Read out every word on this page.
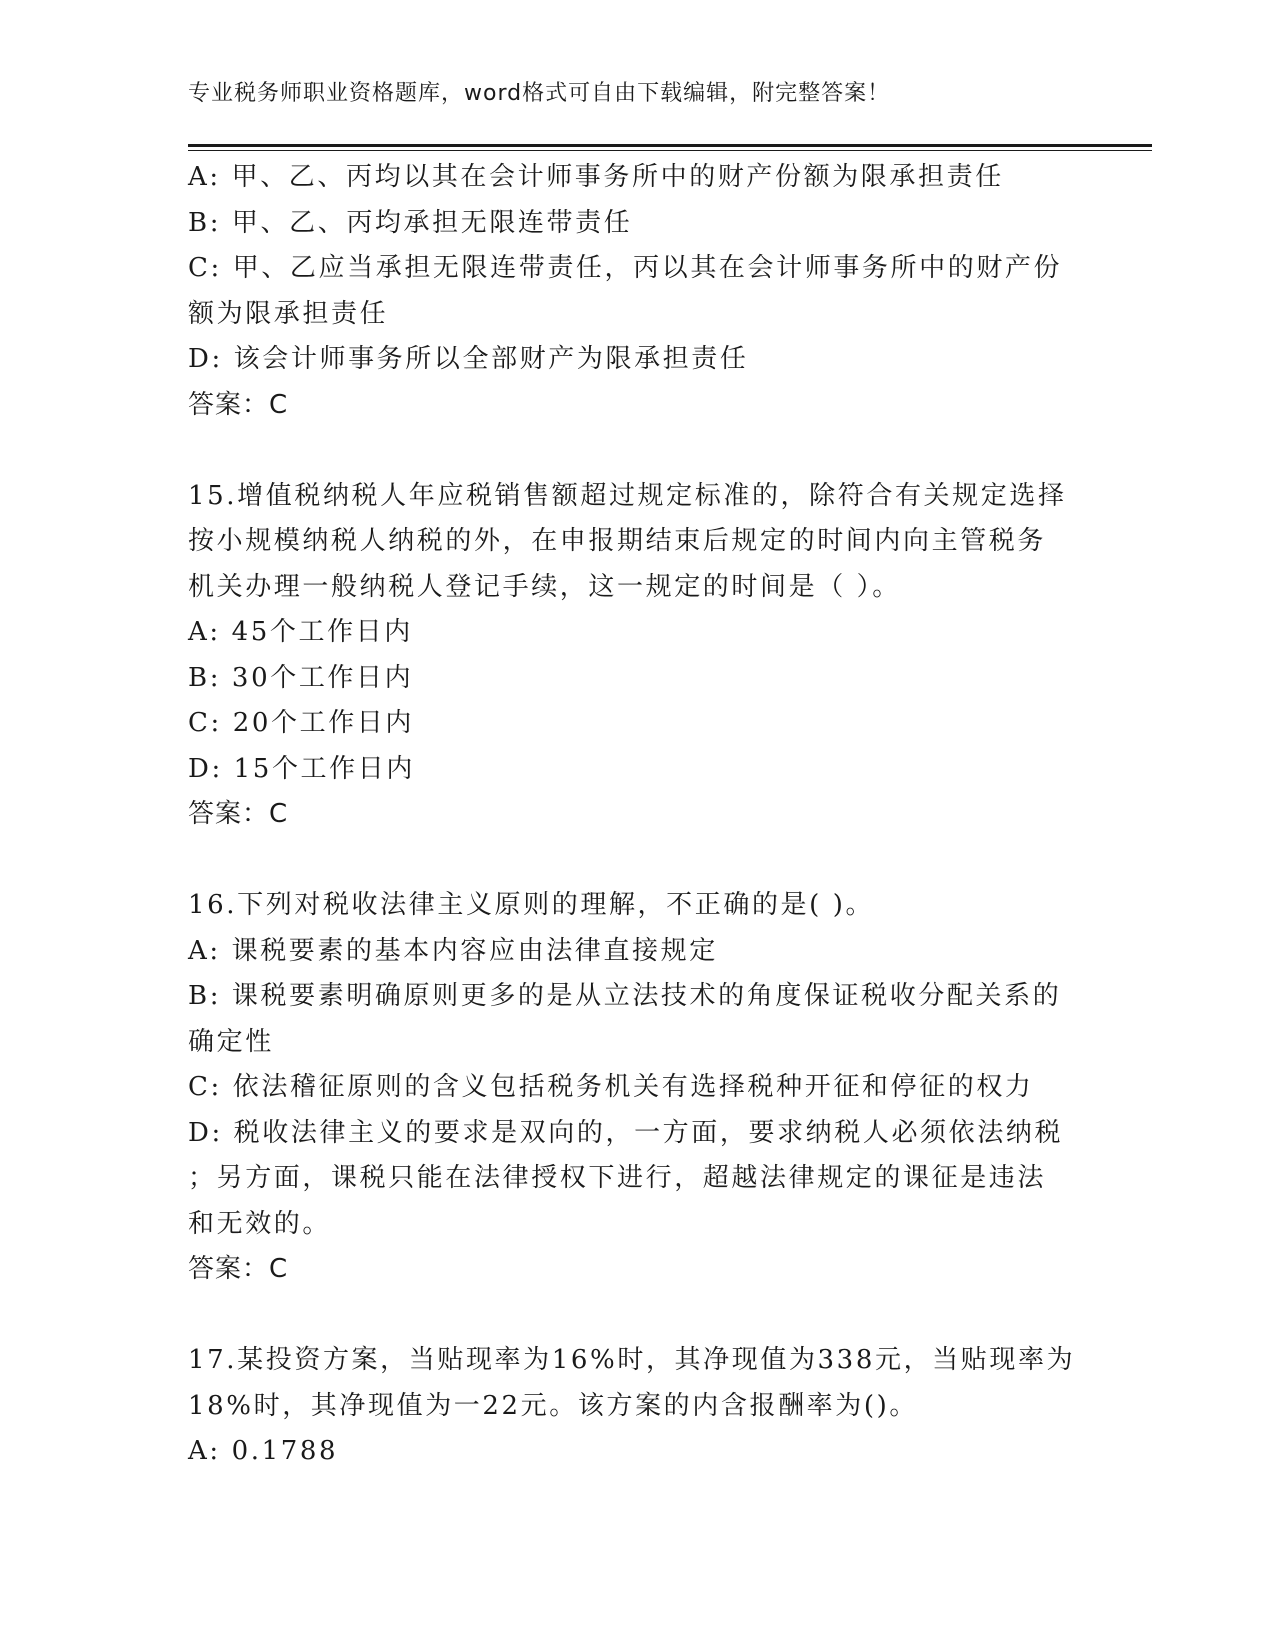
专业税务师职业资格题库，word格式可自由下载编辑，附完整答案！
A: 甲、乙、丙均以其在会计师事务所中的财产份额为限承担责任
B: 甲、乙、丙均承担无限连带责任
C: 甲、乙应当承担无限连带责任，丙以其在会计师事务所中的财产份
额为限承担责任
D: 该会计师事务所以全部财产为限承担责任
答案：C
15.增值税纳税人年应税销售额超过规定标准的，除符合有关规定选择
按小规模纳税人纳税的外，在申报期结束后规定的时间内向主管税务
机关办理一般纳税人登记手续，这一规定的时间是（ ）。
A: 45个工作日内
B: 30个工作日内
C: 20个工作日内
D: 15个工作日内
答案：C
16.下列对税收法律主义原则的理解，不正确的是( )。
A: 课税要素的基本内容应由法律直接规定
B: 课税要素明确原则更多的是从立法技术的角度保证税收分配关系的
确定性
C: 依法稽征原则的含义包括税务机关有选择税种开征和停征的权力
D: 税收法律主义的要求是双向的，一方面，要求纳税人必须依法纳税
；另方面，课税只能在法律授权下进行，超越法律规定的课征是违法
和无效的。
答案：C
17.某投资方案，当贴现率为16%时，其净现值为338元，当贴现率为
18%时，其净现值为一22元。该方案的内含报酬率为()。
A: 0.1788
